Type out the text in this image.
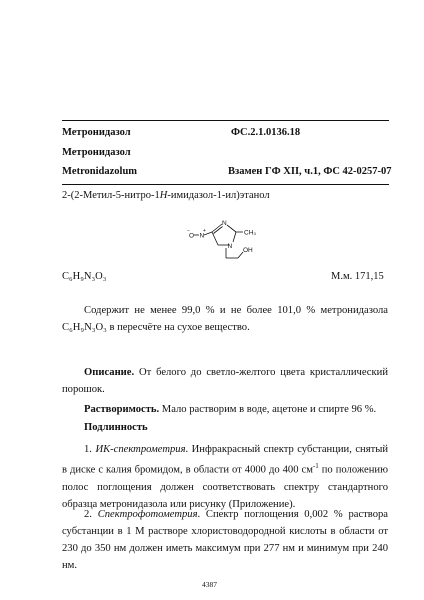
Метронидазол	ФС.2.1.0136.18
Метронидазол
Metronidazolum	Взамен ГФ XII, ч.1, ФС 42-0257-07
2-(2-Метил-5-нитро-1H-имидазол-1-ил)этанол
N
N
CH₃
O N
OH
−	+
C₆H₉N₃O₃	М.м. 171,15
Содержит не менее 99,0 % и не более 101,0 % метронидазола C₆H₉N₃O₃ в пересчёте на сухое вещество.
Описание. От белого до светло-желтого цвета кристаллический порошок.
Растворимость. Мало растворим в воде, ацетоне и спирте 96 %.
Подлинность
1. ИК-спектрометрия. Инфракрасный спектр субстанции, снятый в диске с калия бромидом, в области от 4000 до 400 $см^{-1}$ по положению полос поглощения должен соответствовать спектру стандартного образца метронидазола или рисунку (Приложение).
2. Спектрофотометрия. Спектр поглощения 0,002 % раствора субстанции в 1 М растворе хлористоводородной кислоты в области от 230 до 350 нм должен иметь максимум при 277 нм и минимум при 240 нм.
4387
